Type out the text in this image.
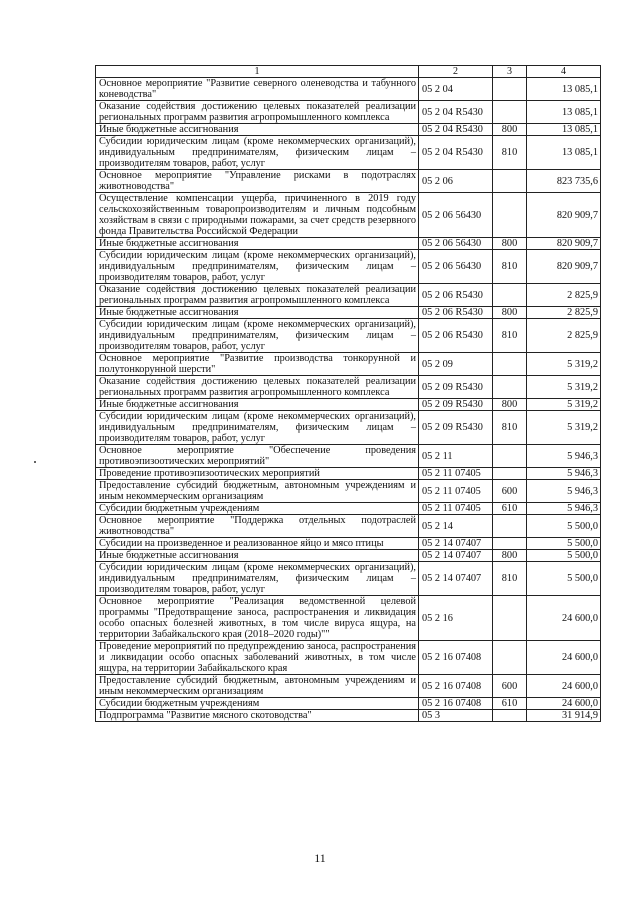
1	2	3	4
Основное мероприятие "Развитие северного оленеводства и табунного коневодства"	05 2 04		13 085,1
Оказание содействия достижению целевых показателей реализации региональных программ развития агропромышленного комплекса	05 2 04 R5430		13 085,1
Иные бюджетные ассигнования	05 2 04 R5430	800	13 085,1
Субсидии юридическим лицам (кроме некоммерческих организаций), индивидуальным предпринимателям, физическим лицам – производителям товаров, работ, услуг	05 2 04 R5430	810	13 085,1
Основное мероприятие "Управление рисками в подотраслях животноводства"	05 2 06		823 735,6
Осуществление компенсации ущерба, причиненного в 2019 году сельскохозяйственным товаропроизводителям и личным подсобным хозяйствам в связи с природными пожарами, за счет средств резервного фонда Правительства Российской Федерации	05 2 06 56430		820 909,7
Иные бюджетные ассигнования	05 2 06 56430	800	820 909,7
Субсидии юридическим лицам (кроме некоммерческих организаций), индивидуальным предпринимателям, физическим лицам – производителям товаров, работ, услуг	05 2 06 56430	810	820 909,7
Оказание содействия достижению целевых показателей реализации региональных программ развития агропромышленного комплекса	05 2 06 R5430		2 825,9
Иные бюджетные ассигнования	05 2 06 R5430	800	2 825,9
Субсидии юридическим лицам (кроме некоммерческих организаций), индивидуальным предпринимателям, физическим лицам – производителям товаров, работ, услуг	05 2 06 R5430	810	2 825,9
Основное мероприятие "Развитие производства тонкорунной и полутонкорунной шерсти"	05 2 09		5 319,2
Оказание содействия достижению целевых показателей реализации региональных программ развития агропромышленного комплекса	05 2 09 R5430		5 319,2
Иные бюджетные ассигнования	05 2 09 R5430	800	5 319,2
Субсидии юридическим лицам (кроме некоммерческих организаций), индивидуальным предпринимателям, физическим лицам – производителям товаров, работ, услуг	05 2 09 R5430	810	5 319,2
Основное мероприятие "Обеспечение проведения противоэпизоотических мероприятий"	05 2 11		5 946,3
Проведение противоэпизоотических мероприятий	05 2 11 07405		5 946,3
Предоставление субсидий бюджетным, автономным учреждениям и иным некоммерческим организациям	05 2 11 07405	600	5 946,3
Субсидии бюджетным учреждениям	05 2 11 07405	610	5 946,3
Основное мероприятие "Поддержка отдельных подотраслей животноводства"	05 2 14		5 500,0
Субсидии на произведенное и реализованное яйцо и мясо птицы	05 2 14 07407		5 500,0
Иные бюджетные ассигнования	05 2 14 07407	800	5 500,0
Субсидии юридическим лицам (кроме некоммерческих организаций), индивидуальным предпринимателям, физическим лицам – производителям товаров, работ, услуг	05 2 14 07407	810	5 500,0
Основное мероприятие "Реализация ведомственной целевой программы "Предотвращение заноса, распространения и ликвидация особо опасных болезней животных, в том числе вируса ящура, на территории Забайкальского края (2018–2020 годы)""	05 2 16		24 600,0
Проведение мероприятий по предупреждению заноса, распространения и ликвидации особо опасных заболеваний животных, в том числе ящура, на территории Забайкальского края	05 2 16 07408		24 600,0
Предоставление субсидий бюджетным, автономным учреждениям и иным некоммерческим организациям	05 2 16 07408	600	24 600,0
Субсидии бюджетным учреждениям	05 2 16 07408	610	24 600,0
Подпрограмма "Развитие мясного скотоводства"	05 3		31 914,9
11
